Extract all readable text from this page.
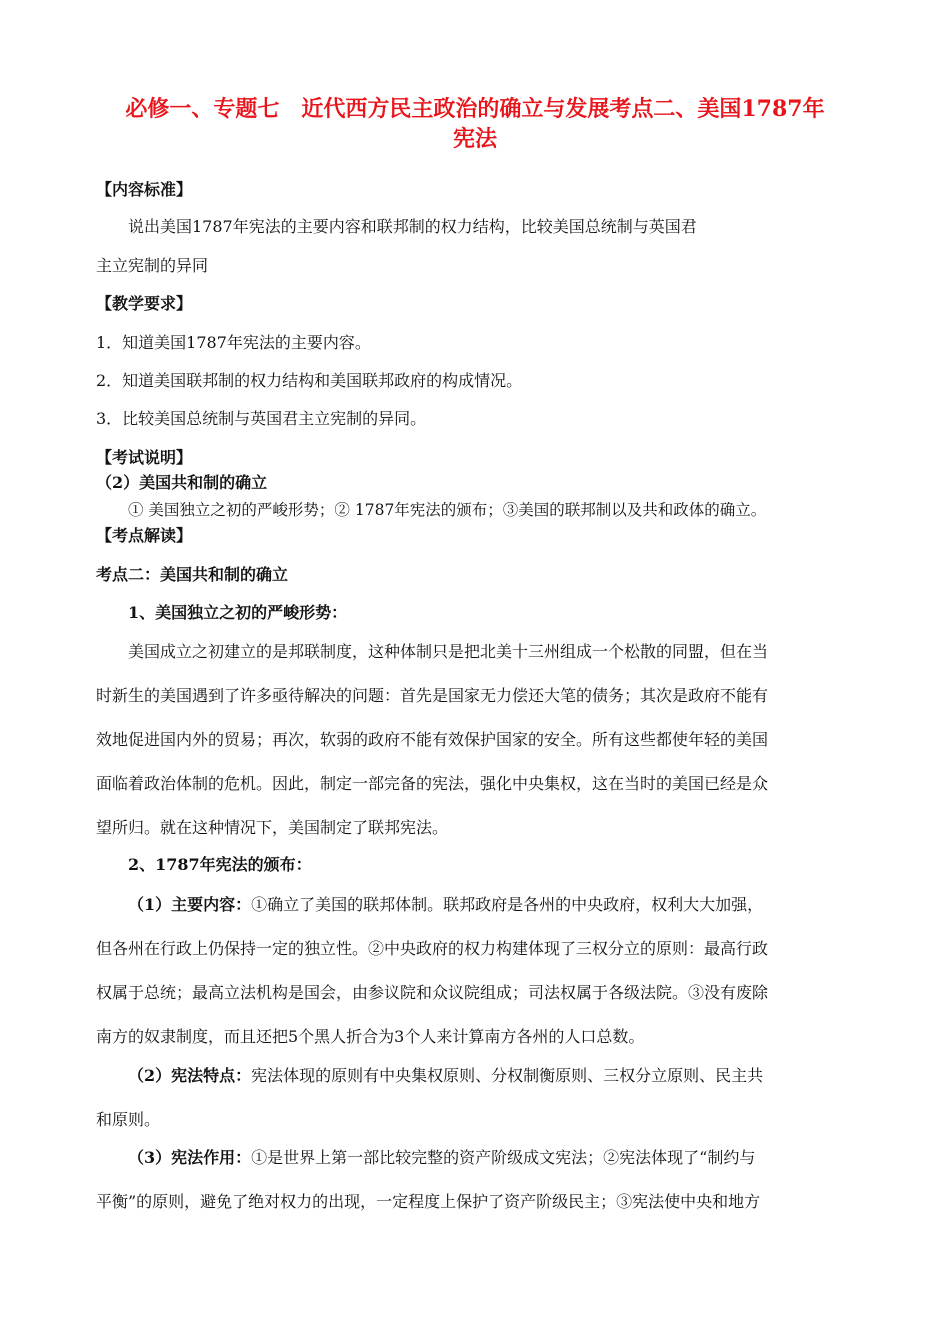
必修一、专题七　近代西方民主政治的确立与发展考点二、美国1787年
宪法
【内容标准】
说出美国1787年宪法的主要内容和联邦制的权力结构，比较美国总统制与英国君
主立宪制的异同
【教学要求】
1．知道美国1787年宪法的主要内容。
2．知道美国联邦制的权力结构和美国联邦政府的构成情况。
3．比较美国总统制与英国君主立宪制的异同。
【考试说明】
（2）美国共和制的确立
① 美国独立之初的严峻形势；② 1787年宪法的颁布；③美国的联邦制以及共和政体的确立。
【考点解读】
考点二：美国共和制的确立
1、美国独立之初的严峻形势：
美国成立之初建立的是邦联制度，这种体制只是把北美十三州组成一个松散的同盟，但在当
时新生的美国遇到了许多亟待解决的问题：首先是国家无力偿还大笔的债务；其次是政府不能有
效地促进国内外的贸易；再次，软弱的政府不能有效保护国家的安全。所有这些都使年轻的美国
面临着政治体制的危机。因此，制定一部完备的宪法，强化中央集权，这在当时的美国已经是众
望所归。就在这种情况下，美国制定了联邦宪法。
2、1787年宪法的颁布：
（1）主要内容：①确立了美国的联邦体制。联邦政府是各州的中央政府，权利大大加强，
但各州在行政上仍保持一定的独立性。②中央政府的权力构建体现了三权分立的原则：最高行政
权属于总统；最高立法机构是国会，由参议院和众议院组成；司法权属于各级法院。③没有废除
南方的奴隶制度，而且还把5个黑人折合为3个人来计算南方各州的人口总数。
（2）宪法特点：宪法体现的原则有中央集权原则、分权制衡原则、三权分立原则、民主共
和原则。
（3）宪法作用：①是世界上第一部比较完整的资产阶级成文宪法；②宪法体现了“制约与
平衡”的原则，避免了绝对权力的出现，一定程度上保护了资产阶级民主；③宪法使中央和地方
